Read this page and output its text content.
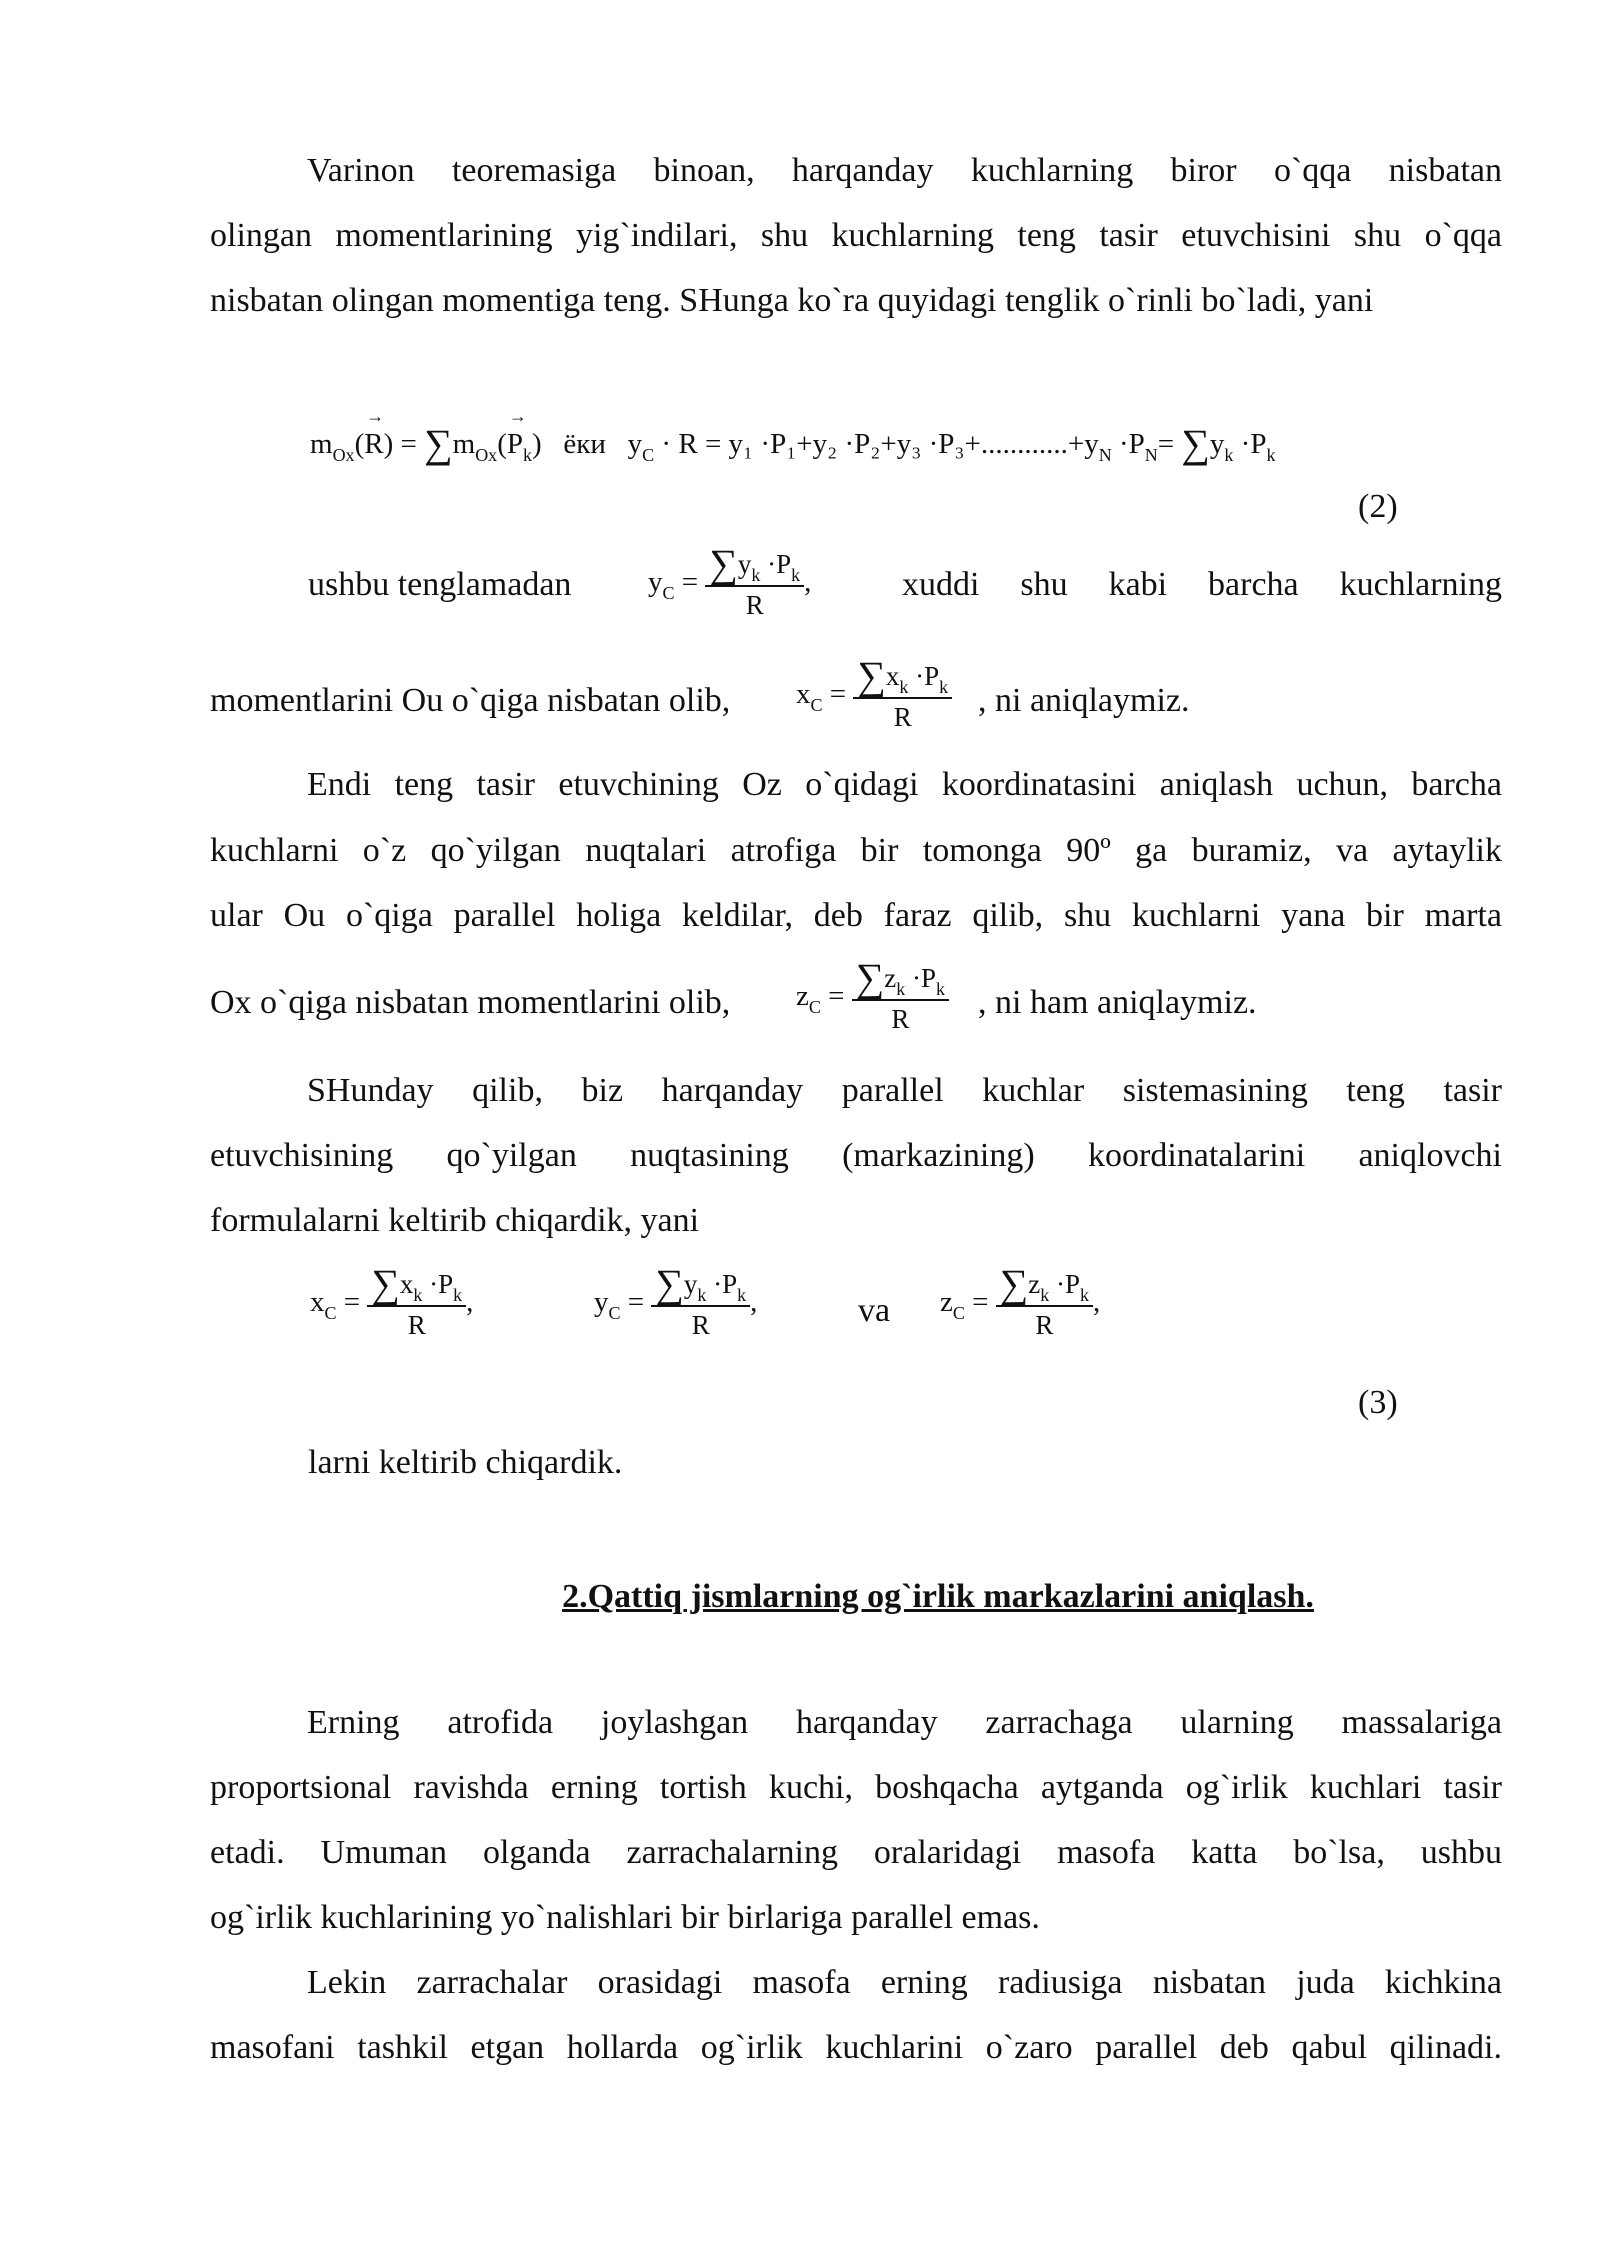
Varinon teoremasiga binoan, harqanday kuchlarning biror o`qqa nisbatan
olingan momentlarining yig`indilari, shu kuchlarning teng tasir etuvchisini shu o`qqa
nisbatan olingan momentiga teng. SHunga ko`ra quyidagi tenglik o`rinli bo`ladi, yani
$m_{Ox}(\to R) = \sum m_{Ox}(\to P_k)$   ёки $y_C \cdot R = y_1 \cdot P_1+y_2 \cdot P_2+y_3 \cdot P_3+............+y_N \cdot P_N= \sum y_k \cdot P_k$
(2)
ushbu tenglamadan	$y_C = \frac{\sum y_k \cdot P_k}{R}$ ,	xuddi shu kabi barcha kuchlarning
momentlarini Ou o`qiga nisbatan olib, $x_C = \frac{\sum x_k \cdot P_k}{R}$ , ni aniqlaymiz.
Endi teng tasir etuvchining Oz o`qidagi koordinatasini aniqlash uchun, barcha
kuchlarni o`z qo`yilgan nuqtalari atrofiga bir tomonga 90º ga buramiz, va aytaylik
ular Ou o`qiga parallel holiga keldilar, deb faraz qilib, shu kuchlarni yana bir marta
Ox o`qiga nisbatan momentlarini olib, $z_C = \frac{\sum z_k \cdot P_k}{R}$ , ni ham aniqlaymiz.
SHunday qilib, biz harqanday parallel kuchlar sistemasining teng tasir
etuvchisining qo`yilgan nuqtasining (markazining) koordinatalarini aniqlovchi
formulalarni keltirib chiqardik, yani
$x_C = \frac{\sum x_k \cdot P_k}{R}$ ,	$y_C = \frac{\sum y_k \cdot P_k}{R}$ ,	va $z_C = \frac{\sum z_k \cdot P_k}{R}$ ,
(3)
larni keltirib chiqardik.
2.Qattiq jismlarning og`irlik markazlarini aniqlash.
Erning atrofida joylashgan harqanday zarrachaga ularning massalariga
proportsional ravishda erning tortish kuchi, boshqacha aytganda og`irlik kuchlari tasir
etadi. Umuman olganda zarrachalarning oralaridagi masofa katta bo`lsa, ushbu
og`irlik kuchlarining yo`nalishlari bir birlariga parallel emas.
Lekin zarrachalar orasidagi masofa erning radiusiga nisbatan juda kichkina
masofani tashkil etgan hollarda og`irlik kuchlarini o`zaro parallel deb qabul qilinadi.
